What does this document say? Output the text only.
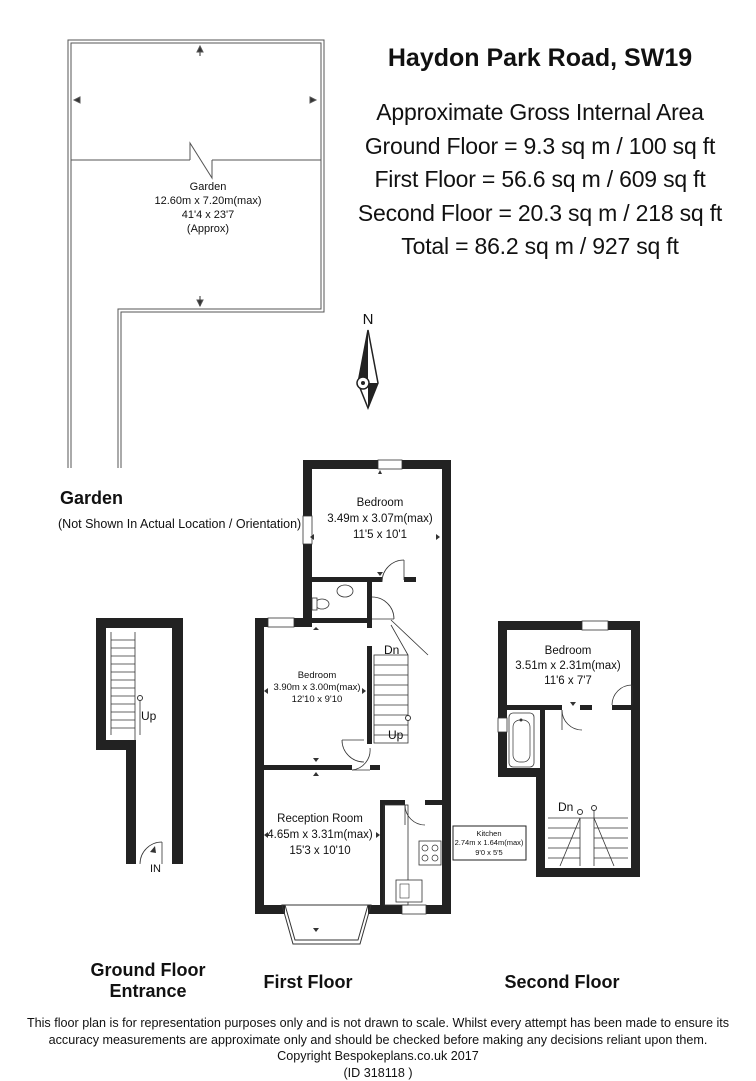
Haydon Park Road, SW19
Approximate Gross Internal Area
Ground Floor = 9.3 sq m / 100 sq ft
First Floor = 56.6 sq m / 609 sq ft
Second Floor = 20.3 sq m / 218 sq ft
Total = 86.2 sq m / 927 sq ft
Garden
(Not Shown In Actual Location / Orientation)
Garden
12.60m x 7.20m(max)
41'4 x 23'7
(Approx)
N
Up
IN
Bedroom
3.49m x 3.07m(max)
11'5 x 10'1
Bedroom
3.90m x 3.00m(max)
12'10 x 9'10
Reception Room
4.65m x 3.31m(max)
15'3 x 10'10
Kitchen
2.74m x 1.64m(max)
9'0 x 5'5
Dn
Up
Bedroom
3.51m x 2.31m(max)
11'6 x 7'7
Dn
Ground Floor
Entrance	First Floor	Second Floor
This floor plan is for representation purposes only and is not drawn to scale. Whilst every attempt has been made to ensure its
accuracy measurements are approximate only and should be checked before making any decisions reliant upon them.
Copyright Bespokeplans.co.uk 2017
(ID 318118 )
